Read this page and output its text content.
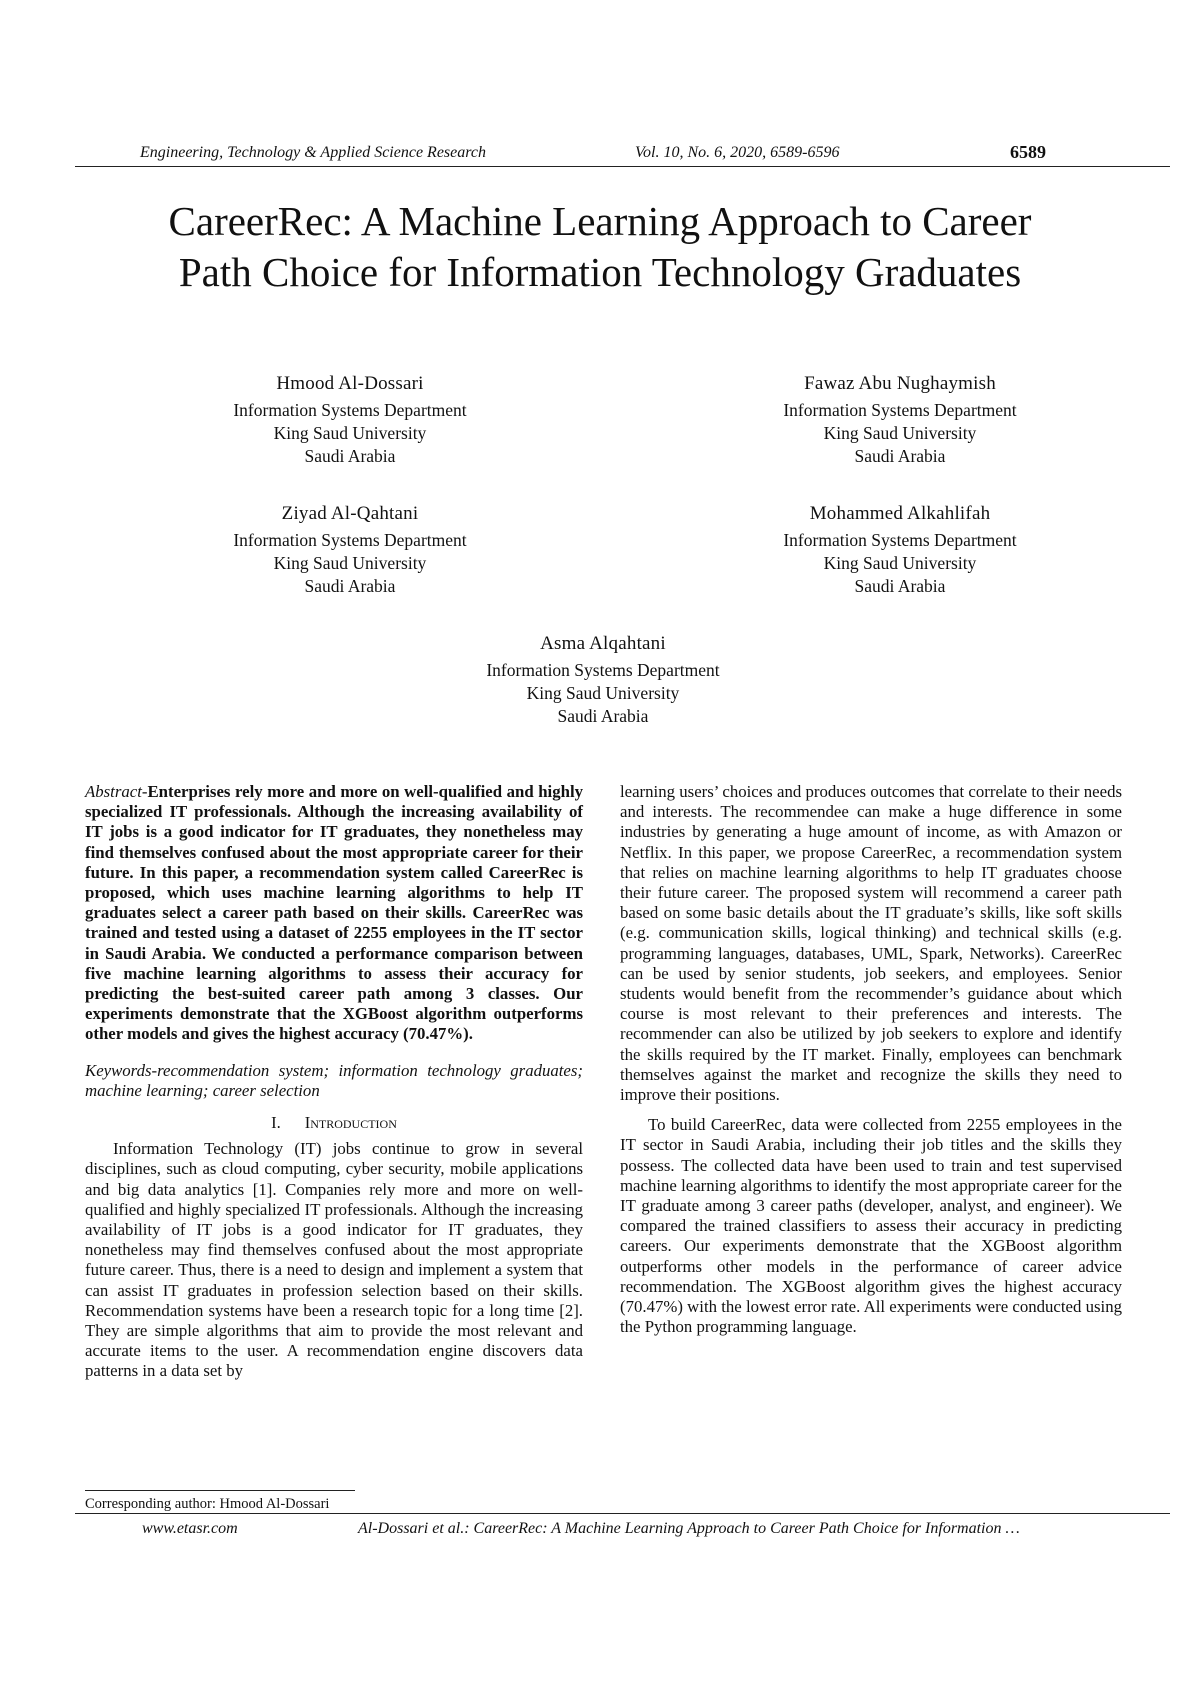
Engineering, Technology & Applied Science Research	Vol. 10, No. 6, 2020, 6589-6596	6589
CareerRec: A Machine Learning Approach to Career
Path Choice for Information Technology Graduates
Hmood Al-Dossari
Information Systems Department
King Saud University
Saudi Arabia
Fawaz Abu Nughaymish
Information Systems Department
King Saud University
Saudi Arabia
Ziyad Al-Qahtani
Information Systems Department
King Saud University
Saudi Arabia
Mohammed Alkahlifah
Information Systems Department
King Saud University
Saudi Arabia
Asma Alqahtani
Information Systems Department
King Saud University
Saudi Arabia

Abstract-Enterprises rely more and more on well-qualified and highly specialized IT professionals. Although the increasing availability of IT jobs is a good indicator for IT graduates, they nonetheless may find themselves confused about the most appropriate career for their future. In this paper, a recommendation system called CareerRec is proposed, which uses machine learning algorithms to help IT graduates select a career path based on their skills. CareerRec was trained and tested using a dataset of 2255 employees in the IT sector in Saudi Arabia. We conducted a performance comparison between five machine learning algorithms to assess their accuracy for predicting the best-suited career path among 3 classes. Our experiments demonstrate that the XGBoost algorithm outperforms other models and gives the highest accuracy (70.47%).

Keywords-recommendation system; information technology graduates; machine learning; career selection

I. Introduction

Information Technology (IT) jobs continue to grow in several disciplines, such as cloud computing, cyber security, mobile applications and big data analytics [1]. Companies rely more and more on well-qualified and highly specialized IT professionals. Although the increasing availability of IT jobs is a good indicator for IT graduates, they nonetheless may find themselves confused about the most appropriate future career. Thus, there is a need to design and implement a system that can assist IT graduates in profession selection based on their skills. Recommendation systems have been a research topic for a long time [2]. They are simple algorithms that aim to provide the most relevant and accurate items to the user. A recommendation engine discovers data patterns in a data set by

learning users’ choices and produces outcomes that correlate to their needs and interests. The recommendee can make a huge difference in some industries by generating a huge amount of income, as with Amazon or Netflix. In this paper, we propose CareerRec, a recommendation system that relies on machine learning algorithms to help IT graduates choose their future career. The proposed system will recommend a career path based on some basic details about the IT graduate’s skills, like soft skills (e.g. communication skills, logical thinking) and technical skills (e.g. programming languages, databases, UML, Spark, Networks). CareerRec can be used by senior students, job seekers, and employees. Senior students would benefit from the recommender’s guidance about which course is most relevant to their preferences and interests. The recommender can also be utilized by job seekers to explore and identify the skills required by the IT market. Finally, employees can benchmark themselves against the market and recognize the skills they need to improve their positions.

To build CareerRec, data were collected from 2255 employees in the IT sector in Saudi Arabia, including their job titles and the skills they possess. The collected data have been used to train and test supervised machine learning algorithms to identify the most appropriate career for the IT graduate among 3 career paths (developer, analyst, and engineer). We compared the trained classifiers to assess their accuracy in predicting careers. Our experiments demonstrate that the XGBoost algorithm outperforms other models in the performance of career advice recommendation. The XGBoost algorithm gives the highest accuracy (70.47%) with the lowest error rate. All experiments were conducted using the Python programming language.

Corresponding author: Hmood Al-Dossari
www.etasr.com	Al-Dossari et al.: CareerRec: A Machine Learning Approach to Career Path Choice for Information …
